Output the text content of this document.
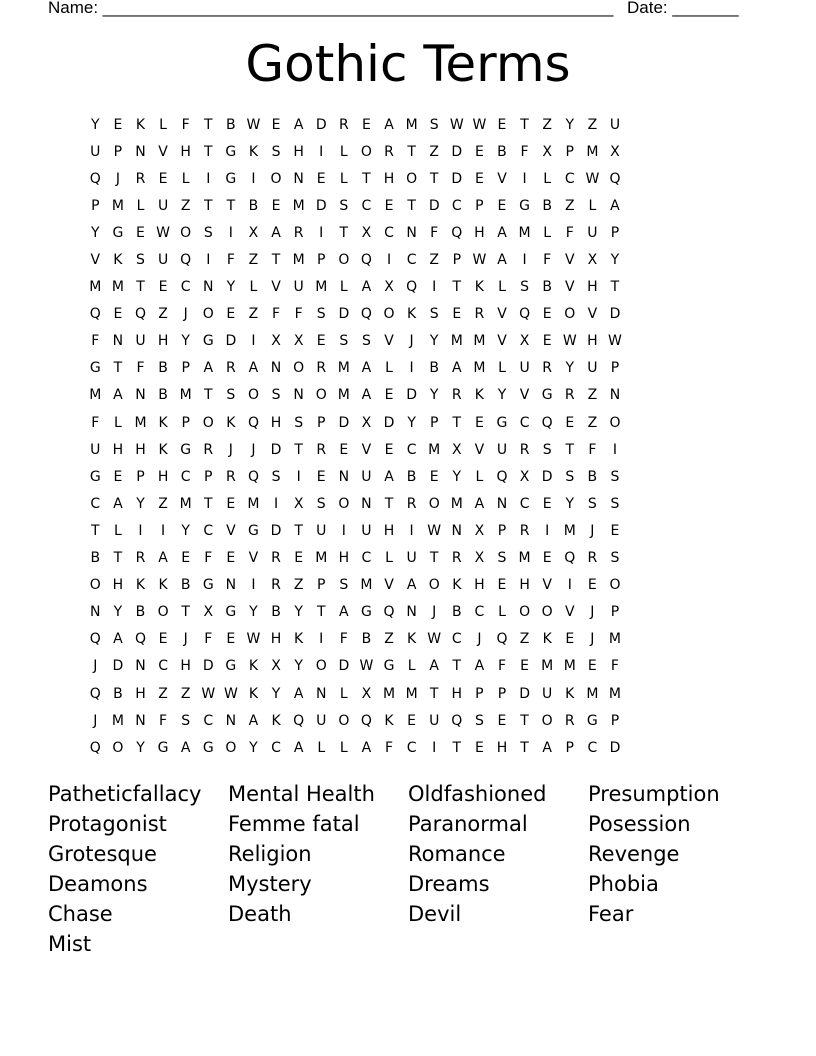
Name: ______________________________________________________ Date: _______
Gothic Terms
Y E K	L	F	T B W E A D R E A M S W W E T Z Y Z U
U P N V H T G K S H	I	L O R T Z D E B F X P M X
Q	J	R E	L	I	G	I	O N E	L	T H O T D E V	I	L C W Q
P M L U Z T	T B E M D S C E T D C P E G B Z L A
Y G E W O S	I	X A R	I	T X C N F Q H A M L	F U P
V K S U Q	I	F Z T M P O Q	I	C Z P W A	I	F V X Y
M M T E C N Y	L V U M L A X Q	I	T K	L	S B V H T
Q E Q Z	J	O E Z F	F	S D Q O K S E R V Q E O V D
F N U H Y G D	I	X X E S S V	J	Y M M V X E W H W
G T	F B P A R A N O R M A L	I	B A M L U R Y U P
M A N B M T S O S N O M A E D Y R K Y V G R Z N
F	L M K P O K Q H S P D X D Y	P	T E G C Q E Z O
U H H K G R	J	J	D T R E V E C M X V U R S T	F	I
G E P H C P R Q S	I	E N U A B E Y	L Q X D S B S
C A Y Z M T E M	I	X S O N T R O M A N C E Y S S
T	L	I	I	Y C V G D T U	I	U H	I W N X P R	I	M	J	E
B T R A E	F	E V R E M H C L U T R X S M E Q R S
O H K K B G N	I	R Z P S M V A O K H E H V	I	E O
N Y B O T X G Y B Y	T A G Q N	J	B C L O O V	J	P
Q A Q E	J	F	E W H K	I	F B Z K W C	J	Q Z K E	J	M
J	D N C H D G K X Y O D W G L A T A F	E M M E	F
Q B H Z Z W W K Y A N L X M M T H P	P D U K M M
J	M N F	S C N A K Q U O Q K E U Q S E T O R G P
Q O Y G A G O Y C A L	L A F C	I	T E H T A P C D
Patheticfallacy	Mental Health	Oldfashioned	Presumption
Protagonist	Femme fatal	Paranormal	Posession
Grotesque	Religion	Romance	Revenge
Deamons	Mystery	Dreams	Phobia
Chase	Death	Devil	Fear
Mist
